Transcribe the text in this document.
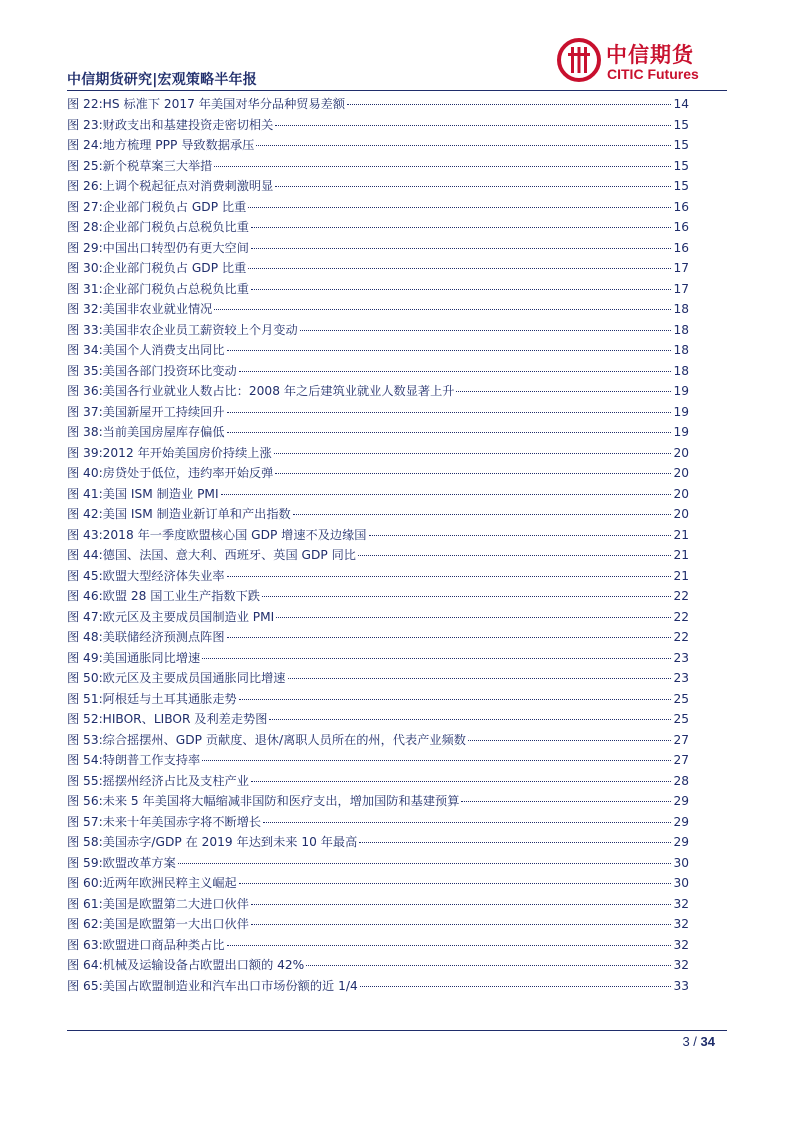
中信期货研究|宏观策略半年报
中信期货
CITIC Futures
图 22:HS 标准下 2017 年美国对华分品种贸易差额	14
图 23:财政支出和基建投资走密切相关	15
图 24:地方梳理 PPP 导致数据承压	15
图 25:新个税草案三大举措	15
图 26:上调个税起征点对消费刺激明显	15
图 27:企业部门税负占 GDP 比重	16
图 28:企业部门税负占总税负比重	16
图 29:中国出口转型仍有更大空间	16
图 30:企业部门税负占 GDP 比重	17
图 31:企业部门税负占总税负比重	17
图 32:美国非农业就业情况	18
图 33:美国非农企业员工薪资较上个月变动	18
图 34:美国个人消费支出同比	18
图 35:美国各部门投资环比变动	18
图 36:美国各行业就业人数占比：2008 年之后建筑业就业人数显著上升	19
图 37:美国新屋开工持续回升	19
图 38:当前美国房屋库存偏低	19
图 39:2012 年开始美国房价持续上涨	20
图 40:房贷处于低位，违约率开始反弹	20
图 41:美国 ISM 制造业 PMI	20
图 42:美国 ISM 制造业新订单和产出指数	20
图 43:2018 年一季度欧盟核心国 GDP 增速不及边缘国	21
图 44:德国、法国、意大利、西班牙、英国 GDP 同比	21
图 45:欧盟大型经济体失业率	21
图 46:欧盟 28 国工业生产指数下跌	22
图 47:欧元区及主要成员国制造业 PMI	22
图 48:美联储经济预测点阵图	22
图 49:美国通胀同比增速	23
图 50:欧元区及主要成员国通胀同比增速	23
图 51:阿根廷与土耳其通胀走势	25
图 52:HIBOR、LIBOR 及利差走势图	25
图 53:综合摇摆州、GDP 贡献度、退休/离职人员所在的州，代表产业频数	27
图 54:特朗普工作支持率	27
图 55:摇摆州经济占比及支柱产业	28
图 56:未来 5 年美国将大幅缩减非国防和医疗支出，增加国防和基建预算	29
图 57:未来十年美国赤字将不断增长	29
图 58:美国赤字/GDP 在 2019 年达到未来 10 年最高	29
图 59:欧盟改革方案	30
图 60:近两年欧洲民粹主义崛起	30
图 61:美国是欧盟第二大进口伙伴	32
图 62:美国是欧盟第一大出口伙伴	32
图 63:欧盟进口商品种类占比	32
图 64:机械及运输设备占欧盟出口额的 42%	32
图 65:美国占欧盟制造业和汽车出口市场份额的近 1/4	33
3 / 34
